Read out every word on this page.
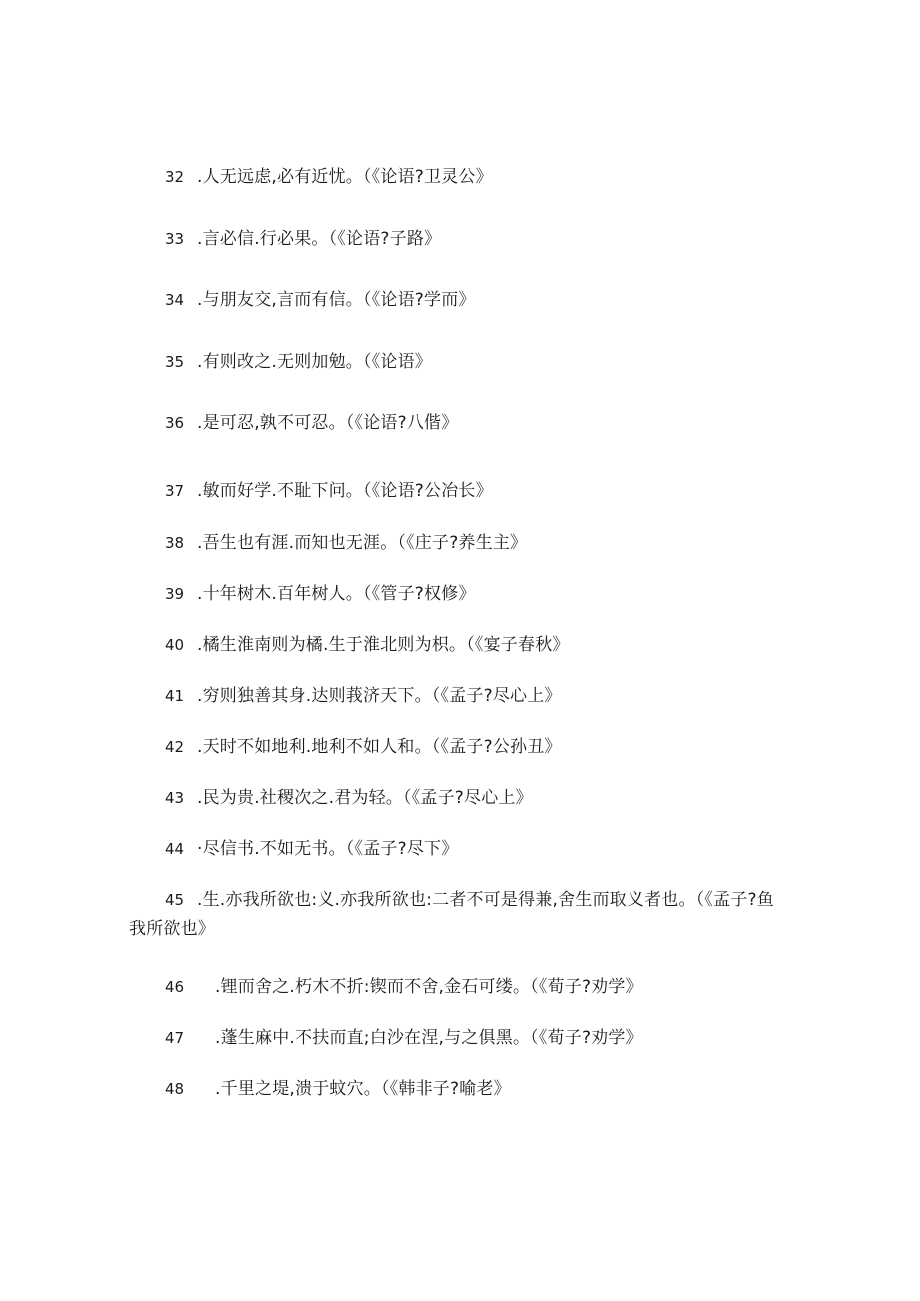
32 .人无远虑,必有近忧。（《论语?卫灵公》
33 .言必信.行必果。（《论语?子路》
34 .与朋友交,言而有信。（《论语?学而》
35 .有则改之.无则加勉。（《论语》
36 .是可忍,孰不可忍。（《论语?八偕》
37 .敏而好学.不耻下问。（《论语?公冶长》
38 .吾生也有涯.而知也无涯。（《庄子?养生主》
39 .十年树木.百年树人。（《管子?权修》
40 .橘生淮南则为橘.生于淮北则为枳。（《宴子春秋》
41 .穷则独善其身.达则莪济天下。（《孟子?尽心上》
42 .天时不如地利.地利不如人和。（《孟子?公孙丑》
43 .民为贵.社稷次之.君为轻。（《孟子?尽心上》
44 ·尽信书.不如无书。（《孟子?尽下》
45 .生.亦我所欲也:义.亦我所欲也:二者不可是得兼,舍生而取义者也。（《孟子?鱼
我所欲也》
46 .锂而舍之.朽木不折:锲而不舍,金石可缕。（《荀子?劝学》
47 .蓬生麻中.不扶而直;白沙在涅,与之俱黑。（《荀子?劝学》
48 .千里之堤,溃于蚊穴。（《韩非子?喻老》
